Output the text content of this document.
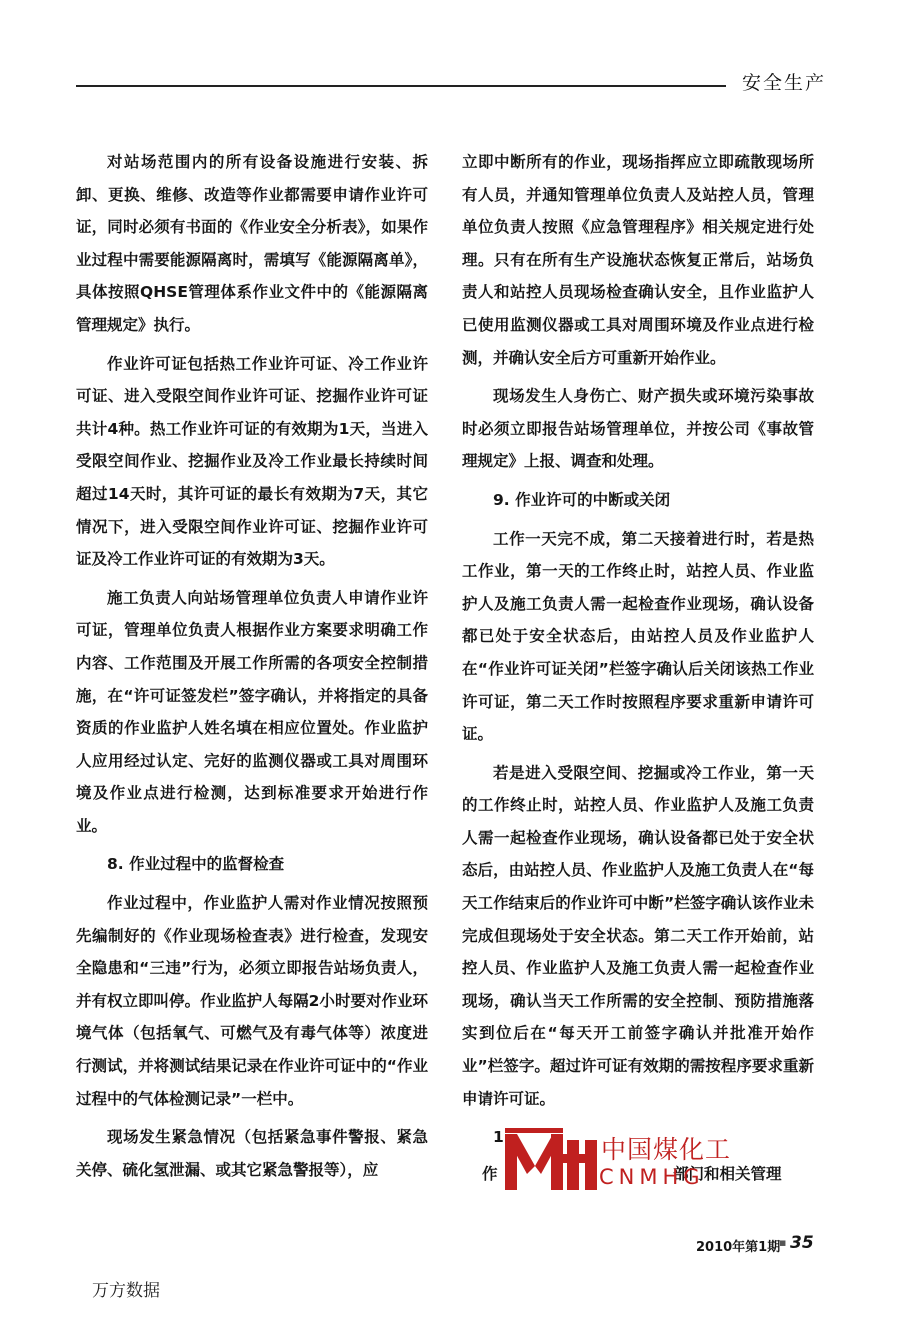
安全生产

对站场范围内的所有设备设施进行安装、拆卸、更换、维修、改造等作业都需要申请作业许可证，同时必须有书面的《作业安全分析表》，如果作业过程中需要能源隔离时，需填写《能源隔离单》，具体按照QHSE管理体系作业文件中的《能源隔离管理规定》执行。

作业许可证包括热工作业许可证、冷工作业许可证、进入受限空间作业许可证、挖掘作业许可证共计4种。热工作业许可证的有效期为1天，当进入受限空间作业、挖掘作业及冷工作业最长持续时间超过14天时，其许可证的最长有效期为7天，其它情况下，进入受限空间作业许可证、挖掘作业许可证及冷工作业许可证的有效期为3天。

施工负责人向站场管理单位负责人申请作业许可证，管理单位负责人根据作业方案要求明确工作内容、工作范围及开展工作所需的各项安全控制措施，在“许可证签发栏”签字确认，并将指定的具备资质的作业监护人姓名填在相应位置处。作业监护人应用经过认定、完好的监测仪器或工具对周围环境及作业点进行检测，达到标准要求开始进行作业。

8. 作业过程中的监督检查

作业过程中，作业监护人需对作业情况按照预先编制好的《作业现场检查表》进行检查，发现安全隐患和“三违”行为，必须立即报告站场负责人，并有权立即叫停。作业监护人每隔2小时要对作业环境气体（包括氧气、可燃气及有毒气体等）浓度进行测试，并将测试结果记录在作业许可证中的“作业过程中的气体检测记录”一栏中。

现场发生紧急情况（包括紧急事件警报、紧急关停、硫化氢泄漏、或其它紧急警报等），应

立即中断所有的作业，现场指挥应立即疏散现场所有人员，并通知管理单位负责人及站控人员，管理单位负责人按照《应急管理程序》相关规定进行处理。只有在所有生产设施状态恢复正常后，站场负责人和站控人员现场检查确认安全，且作业监护人已使用监测仪器或工具对周围环境及作业点进行检测，并确认安全后方可重新开始作业。

现场发生人身伤亡、财产损失或环境污染事故时必须立即报告站场管理单位，并按公司《事故管理规定》上报、调查和处理。

9. 作业许可的中断或关闭

工作一天完不成，第二天接着进行时，若是热工作业，第一天的工作终止时，站控人员、作业监护人及施工负责人需一起检查作业现场，确认设备都已处于安全状态后，由站控人员及作业监护人在“作业许可证关闭”栏签字确认后关闭该热工作业许可证，第二天工作时按照程序要求重新申请许可证。

若是进入受限空间、挖掘或冷工作业，第一天的工作终止时，站控人员、作业监护人及施工负责人需一起检查作业现场，确认设备都已处于安全状态后，由站控人员、作业监护人及施工负责人在“每天工作结束后的作业许可中断”栏签字确认该作业未完成但现场处于安全状态。第二天工作开始前，站控人员、作业监护人及施工负责人需一起检查作业现场，确认当天工作所需的安全控制、预防措施落实到位后在“每天开工前签字确认并批准开始作业”栏签字。超过许可证有效期的需按程序要求重新申请许可证。

1
作	部门和相关管理
中国煤化工
CNMHG
2010年第1期
▪ 35
万方数据
